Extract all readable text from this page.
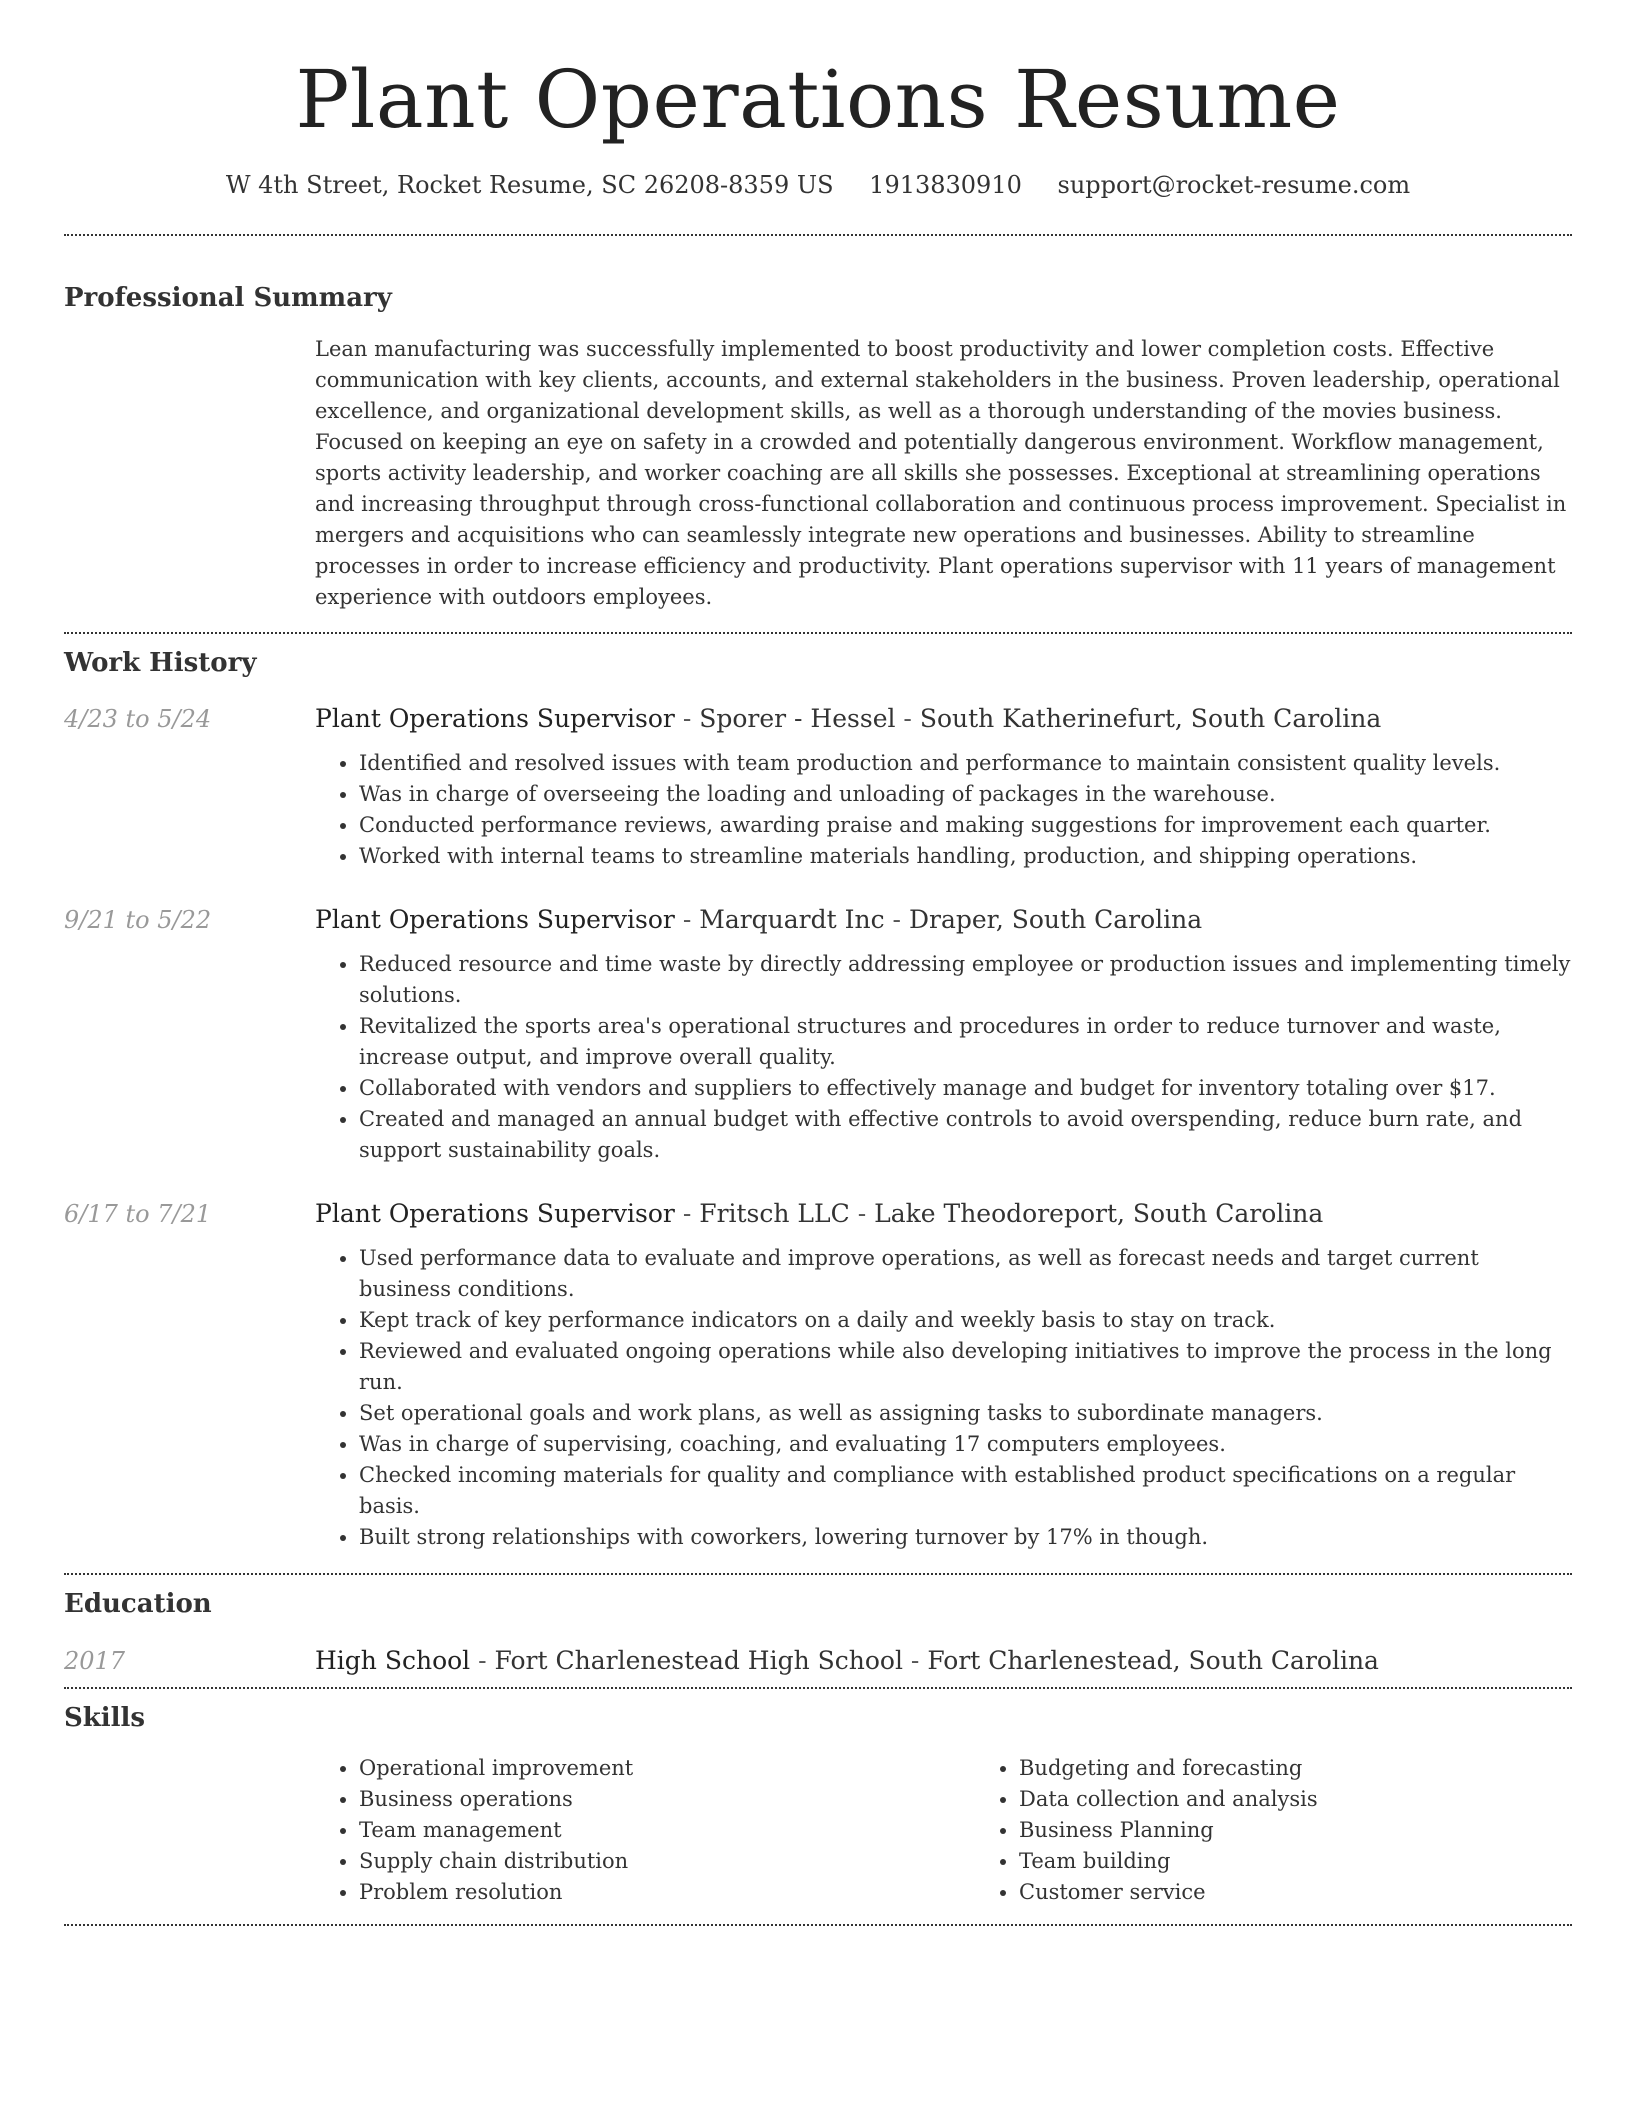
Plant Operations Resume
W 4th Street, Rocket Resume, SC 26208-8359 US 1913830910 support@rocket-resume.com
Professional Summary

Lean manufacturing was successfully implemented to boost productivity and lower completion costs. Effective communication with key clients, accounts, and external stakeholders in the business. Proven leadership, operational excellence, and organizational development skills, as well as a thorough understanding of the movies business. Focused on keeping an eye on safety in a crowded and potentially dangerous environment. Workflow management, sports activity leadership, and worker coaching are all skills she possesses. Exceptional at streamlining operations and increasing throughput through cross-functional collaboration and continuous process improvement. Specialist in mergers and acquisitions who can seamlessly integrate new operations and businesses. Ability to streamline processes in order to increase efficiency and productivity. Plant operations supervisor with 11 years of management experience with outdoors employees.

Work History
4/23 to 5/24	Plant Operations Supervisor - Sporer - Hessel - South Katherinefurt, South Carolina

• Identified and resolved issues with team production and performance to maintain consistent quality levels.
• Was in charge of overseeing the loading and unloading of packages in the warehouse.
• Conducted performance reviews, awarding praise and making suggestions for improvement each quarter.
• Worked with internal teams to streamline materials handling, production, and shipping operations.
9/21 to 5/22	Plant Operations Supervisor - Marquardt Inc - Draper, South Carolina

• Reduced resource and time waste by directly addressing employee or production issues and implementing timely solutions.
• Revitalized the sports area's operational structures and procedures in order to reduce turnover and waste, increase output, and improve overall quality.
• Collaborated with vendors and suppliers to effectively manage and budget for inventory totaling over $17.
• Created and managed an annual budget with effective controls to avoid overspending, reduce burn rate, and support sustainability goals.
6/17 to 7/21	Plant Operations Supervisor - Fritsch LLC - Lake Theodoreport, South Carolina

• Used performance data to evaluate and improve operations, as well as forecast needs and target current business conditions.
• Kept track of key performance indicators on a daily and weekly basis to stay on track.
• Reviewed and evaluated ongoing operations while also developing initiatives to improve the process in the long run.
• Set operational goals and work plans, as well as assigning tasks to subordinate managers.
• Was in charge of supervising, coaching, and evaluating 17 computers employees.
• Checked incoming materials for quality and compliance with established product specifications on a regular basis.
• Built strong relationships with coworkers, lowering turnover by 17% in though.
Education
2017	High School - Fort Charlenestead High School - Fort Charlenestead, South Carolina

Skills
• Operational improvement
• Business operations
• Team management
• Supply chain distribution
• Problem resolution
• Budgeting and forecasting
• Data collection and analysis
• Business Planning
• Team building
• Customer service
